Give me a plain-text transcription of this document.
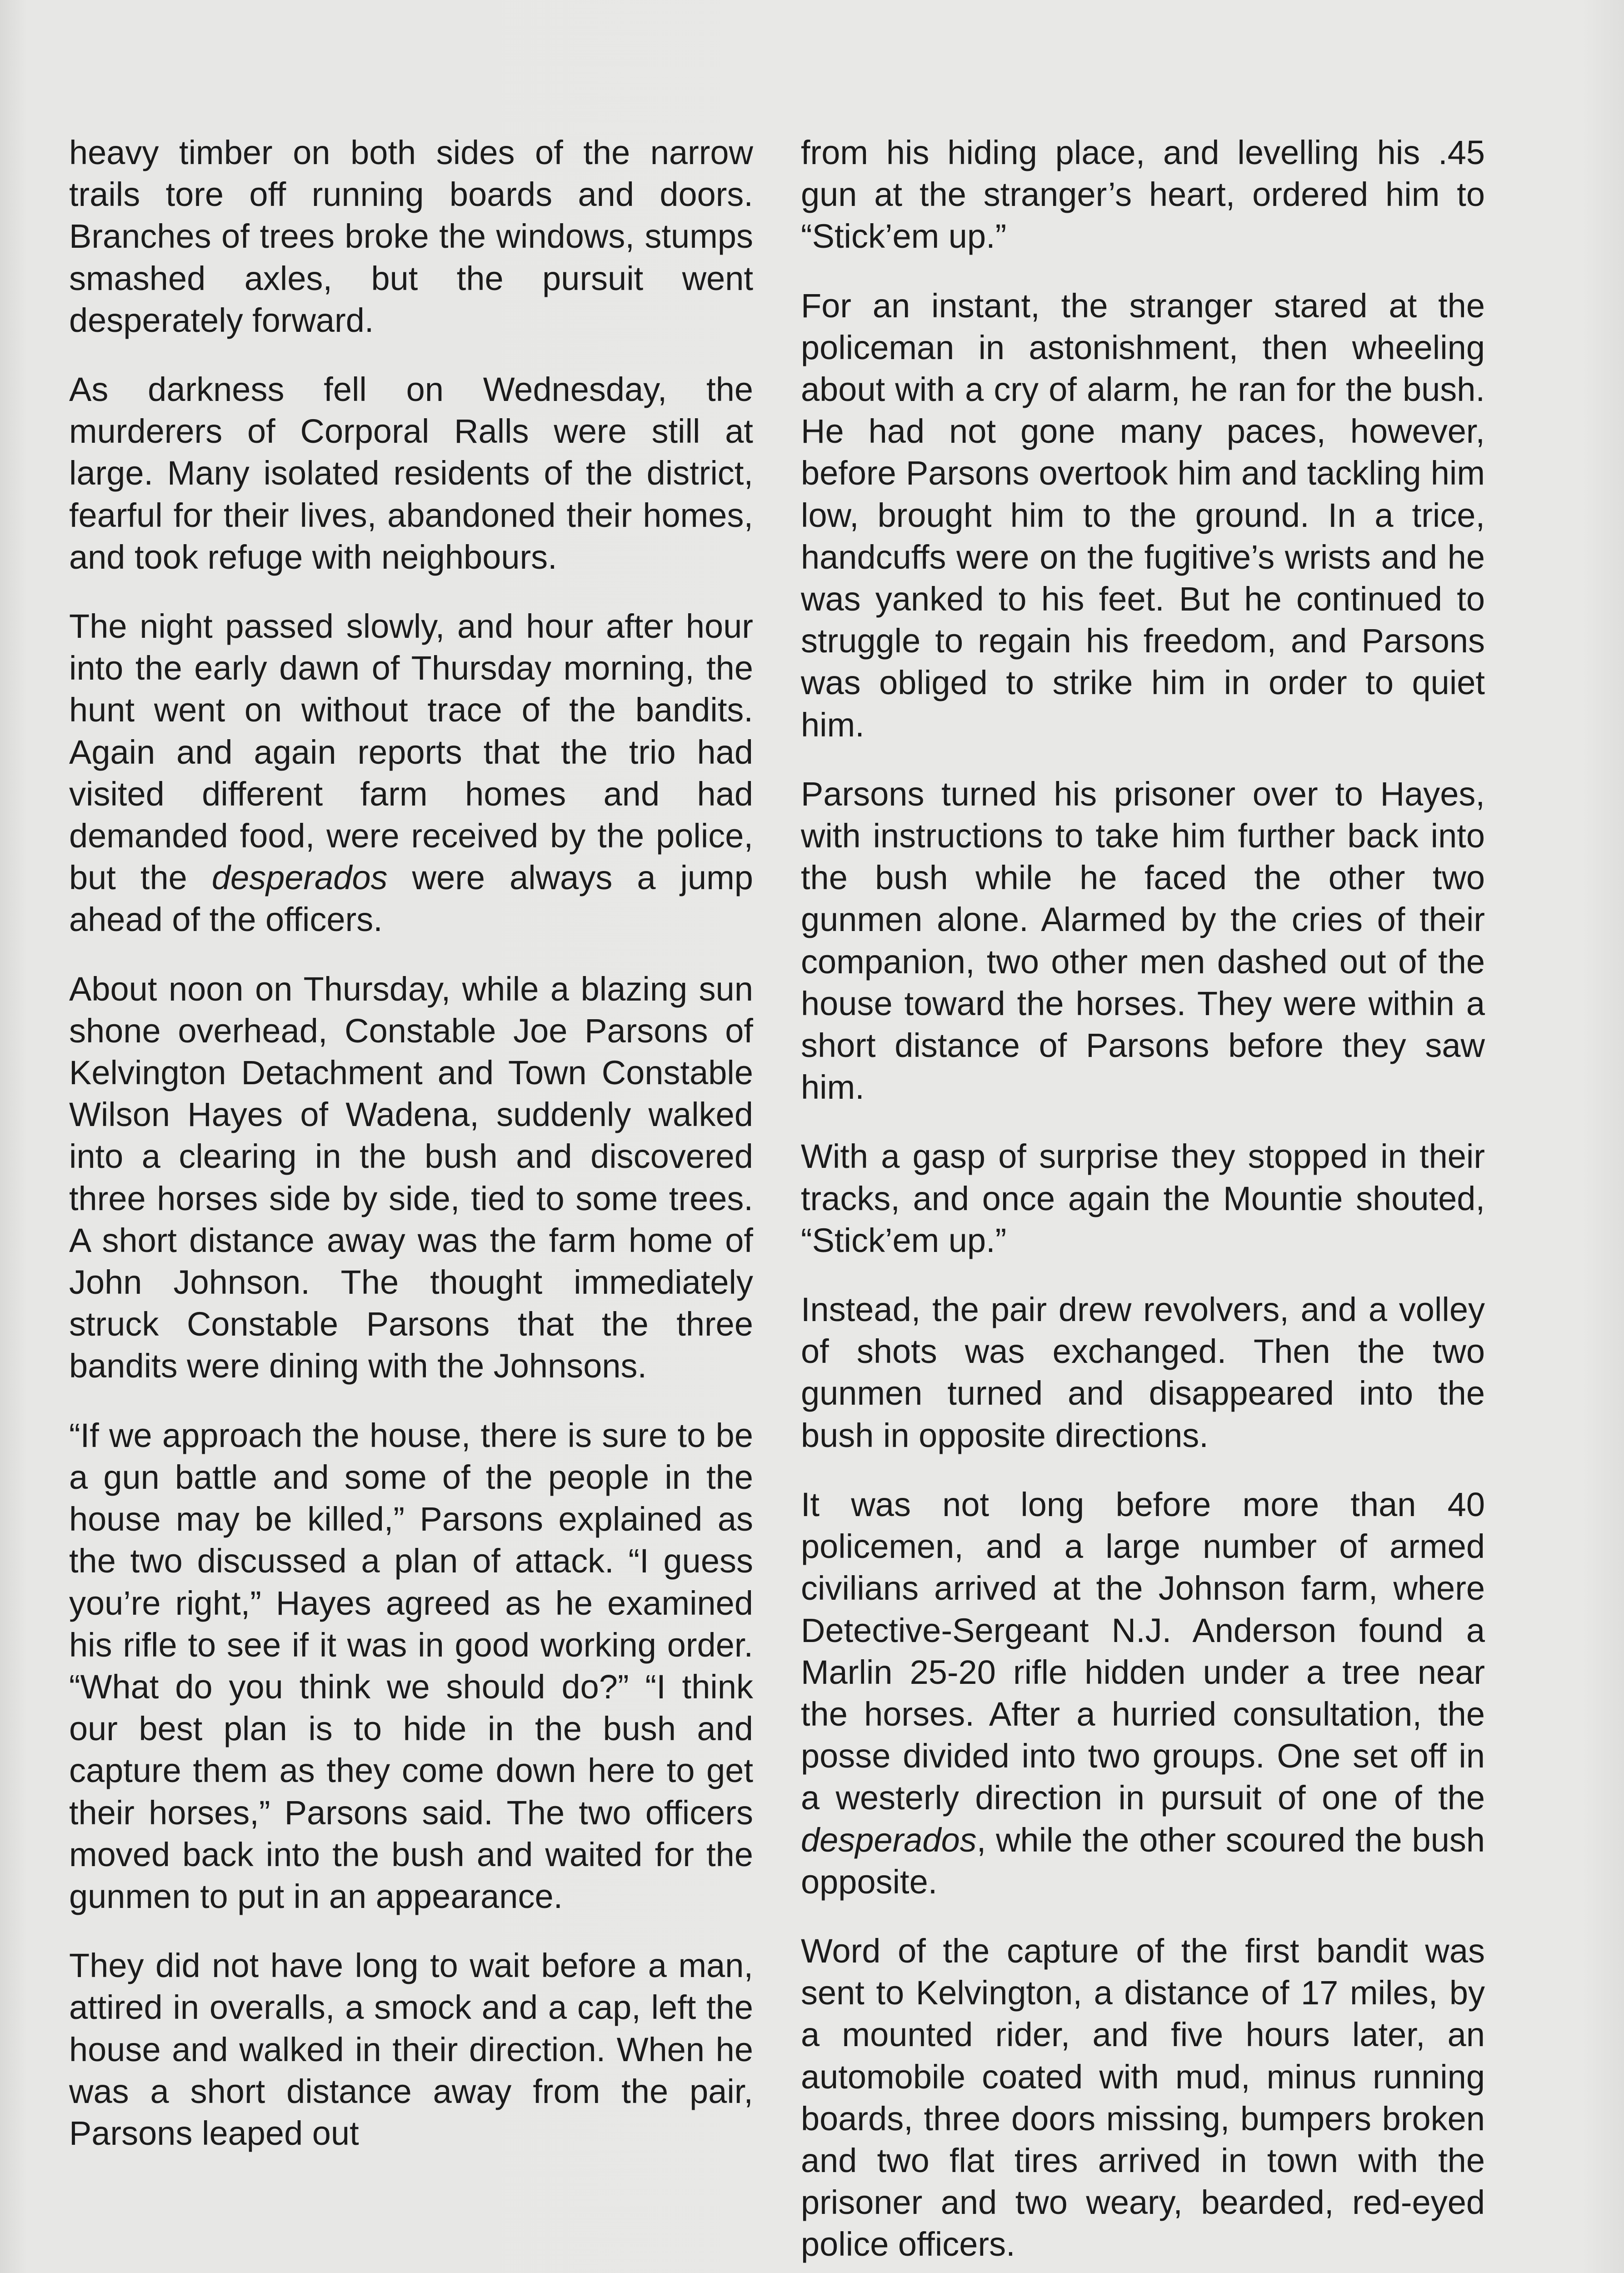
heavy timber on both sides of the narrow trails tore off running boards and doors. Branches of trees broke the windows, stumps smashed axles, but the pursuit went desperately forward.

As darkness fell on Wednesday, the murderers of Corporal Ralls were still at large. Many isolated residents of the district, fearful for their lives, abandoned their homes, and took refuge with neighbours.

The night passed slowly, and hour after hour into the early dawn of Thursday morning, the hunt went on without trace of the bandits. Again and again reports that the trio had visited different farm homes and had demanded food, were received by the police, but the desperados were always a jump ahead of the officers.

About noon on Thursday, while a blazing sun shone overhead, Constable Joe Parsons of Kelvington Detachment and Town Constable Wilson Hayes of Wadena, suddenly walked into a clearing in the bush and discovered three horses side by side, tied to some trees. A short distance away was the farm home of John Johnson. The thought immediately struck Constable Parsons that the three bandits were dining with the Johnsons.

“If we approach the house, there is sure to be a gun battle and some of the people in the house may be killed,” Parsons explained as the two discussed a plan of attack. “I guess you’re right,” Hayes agreed as he examined his rifle to see if it was in good working order. “What do you think we should do?” “I think our best plan is to hide in the bush and capture them as they come down here to get their horses,” Parsons said. The two officers moved back into the bush and waited for the gunmen to put in an appearance.

They did not have long to wait before a man, attired in overalls, a smock and a cap, left the house and walked in their direction. When he was a short distance away from the pair, Parsons leaped out

from his hiding place, and levelling his .45 gun at the stranger’s heart, ordered him to “Stick’em up.”

For an instant, the stranger stared at the policeman in astonishment, then wheeling about with a cry of alarm, he ran for the bush. He had not gone many paces, however, before Parsons overtook him and tackling him low, brought him to the ground. In a trice, handcuffs were on the fugitive’s wrists and he was yanked to his feet. But he continued to struggle to regain his freedom, and Parsons was obliged to strike him in order to quiet him.

Parsons turned his prisoner over to Hayes, with instructions to take him further back into the bush while he faced the other two gunmen alone. Alarmed by the cries of their companion, two other men dashed out of the house toward the horses. They were within a short distance of Parsons before they saw him.

With a gasp of surprise they stopped in their tracks, and once again the Mountie shouted, “Stick’em up.”

Instead, the pair drew revolvers, and a volley of shots was exchanged. Then the two gunmen turned and disappeared into the bush in opposite directions.

It was not long before more than 40 policemen, and a large number of armed civilians arrived at the Johnson farm, where Detective-Sergeant N.J. Anderson found a Marlin 25-20 rifle hidden under a tree near the horses. After a hurried consultation, the posse divided into two groups. One set off in a westerly direction in pursuit of one of the desperados, while the other scoured the bush opposite.

Word of the capture of the first bandit was sent to Kelvington, a distance of 17 miles, by a mounted rider, and five hours later, an automobile coated with mud, minus running boards, three doors missing, bumpers broken and two flat tires arrived in town with the prisoner and two weary, bearded, red-eyed police officers.
